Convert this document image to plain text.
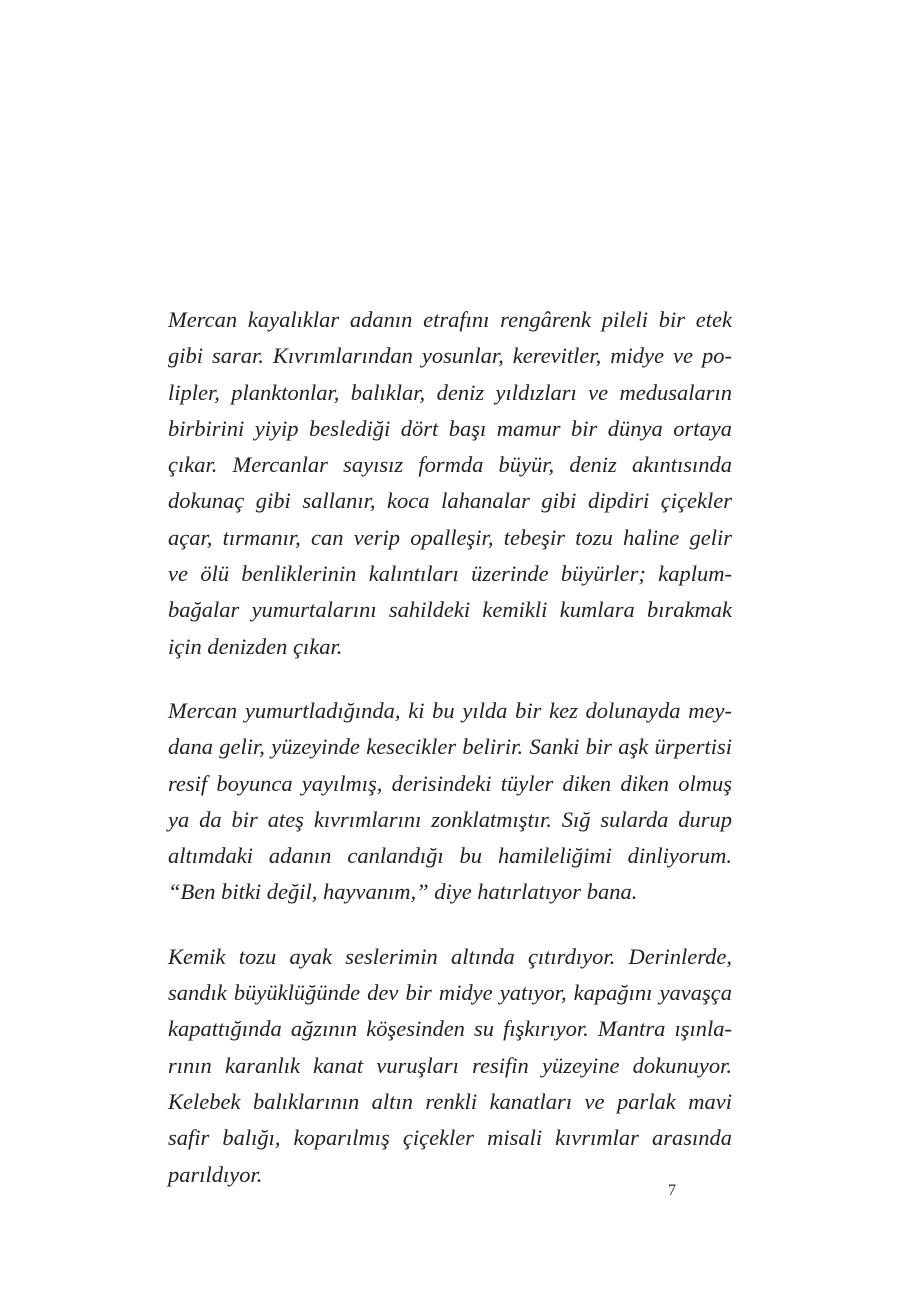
Mercan kayalıklar adanın etrafını rengârenk pileli bir etek
gibi sarar. Kıvrımlarından yosunlar, kerevitler, midye ve po-
lipler, planktonlar, balıklar, deniz yıldızları ve medusaların
birbirini yiyip beslediği dört başı mamur bir dünya ortaya
çıkar. Mercanlar sayısız formda büyür, deniz akıntısında
dokunaç gibi sallanır, koca lahanalar gibi dipdiri çiçekler
açar, tırmanır, can verip opalleşir, tebeşir tozu haline gelir
ve ölü benliklerinin kalıntıları üzerinde büyürler; kaplum-
bağalar yumurtalarını sahildeki kemikli kumlara bırakmak
için denizden çıkar.
Mercan yumurtladığında, ki bu yılda bir kez dolunayda mey-
dana gelir, yüzeyinde kesecikler belirir. Sanki bir aşk ürpertisi
resif boyunca yayılmış, derisindeki tüyler diken diken olmuş
ya da bir ateş kıvrımlarını zonklatmıştır. Sığ sularda durup
altımdaki adanın canlandığı bu hamileliğimi dinliyorum.
“Ben bitki değil, hayvanım,” diye hatırlatıyor bana.
Kemik tozu ayak seslerimin altında çıtırdıyor. Derinlerde,
sandık büyüklüğünde dev bir midye yatıyor, kapağını yavaşça
kapattığında ağzının köşesinden su fışkırıyor. Mantra ışınla-
rının karanlık kanat vuruşları resifin yüzeyine dokunuyor.
Kelebek balıklarının altın renkli kanatları ve parlak mavi
safir balığı, koparılmış çiçekler misali kıvrımlar arasında
parıldıyor.
7
